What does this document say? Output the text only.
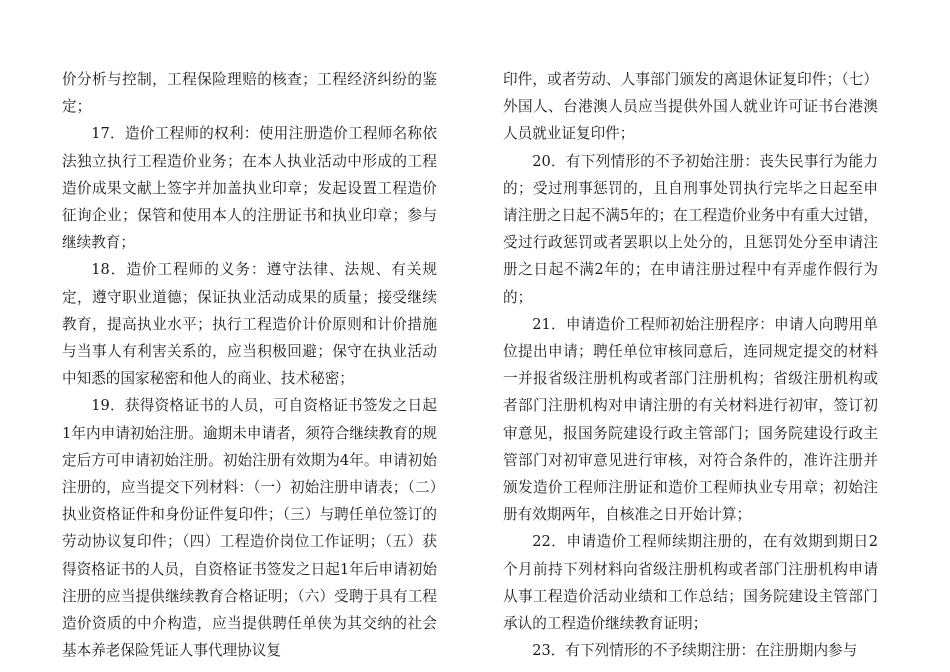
价分析与控制，工程保险理赔的核查；工程经济纠纷的鉴定；

17．造价工程师的权利：使用注册造价工程师名称依法独立执行工程造价业务；在本人执业活动中形成的工程造价成果文献上签字并加盖执业印章；发起设置工程造价征询企业；保管和使用本人的注册证书和执业印章；参与继续教育；

18．造价工程师的义务：遵守法律、法规、有关规定，遵守职业道德；保证执业活动成果的质量；接受继续教育，提高执业水平；执行工程造价计价原则和计价措施与当事人有利害关系的，应当积极回避；保守在执业活动中知悉的国家秘密和他人的商业、技术秘密；

19．获得资格证书的人员，可自资格证书签发之日起1年内申请初始注册。逾期未申请者，须符合继续教育的规定后方可申请初始注册。初始注册有效期为4年。申请初始注册的，应当提交下列材料：（一）初始注册申请表；（二）执业资格证件和身份证件复印件；（三）与聘任单位签订的劳动协议复印件；（四）工程造价岗位工作证明；（五）获得资格证书的人员，自资格证书签发之日起1年后申请初始注册的应当提供继续教育合格证明；（六）受聘于具有工程造价资质的中介构造，应当提供聘任单侠为其交纳的社会基本养老保险凭证人事代理协议复

印件，或者劳动、人事部门颁发的离退休证复印件；（七）外国人、台港澳人员应当提供外国人就业许可证书台港澳人员就业证复印件；

20．有下列情形的不予初始注册：丧失民事行为能力的；受过刑事惩罚的，且自刑事处罚执行完毕之日起至申请注册之日起不满5年的；在工程造价业务中有重大过错，受过行政惩罚或者罢职以上处分的，且惩罚处分至申请注册之日起不满2年的；在申请注册过程中有弄虚作假行为的；

21．申请造价工程师初始注册程序：申请人向聘用单位提出申请；聘任单位审核同意后，连同规定提交的材料一并报省级注册机构或者部门注册机构；省级注册机构或者部门注册机构对申请注册的有关材料进行初审，签订初审意见，报国务院建设行政主管部门；国务院建设行政主管部门对初审意见进行审核，对符合条件的，准许注册并颁发造价工程师注册证和造价工程师执业专用章；初始注册有效期两年，自核准之日开始计算；

22．申请造价工程师续期注册的，在有效期到期日2个月前持下列材料向省级注册机构或者部门注册机构申请从事工程造价活动业绩和工作总结；国务院建设主管部门承认的工程造价继续教育证明；

23．有下列情形的不予续期注册：在注册期内参与
